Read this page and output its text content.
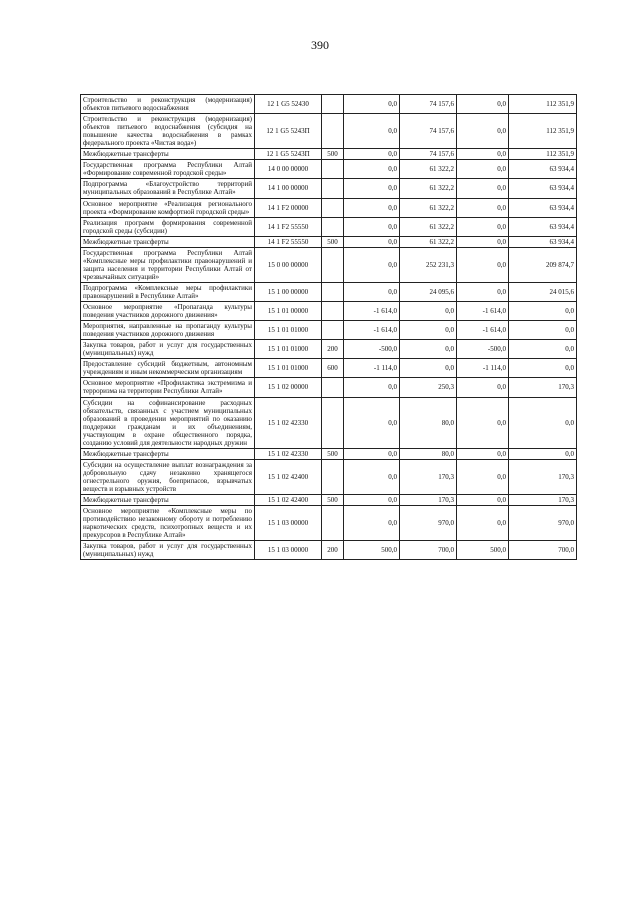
390
Строительство и реконструкция (модернизация) объектов питьевого водоснабжения	12 1 G5 52430		0,0	74 157,6	0,0	112 351,9
Строительство и реконструкция (модернизация) объектов питьевого водоснабжения (субсидия на повышение качества водоснабжения в рамках федерального проекта «Чистая вода»)	12 1 G5 5243П		0,0	74 157,6	0,0	112 351,9
Межбюджетные трансферты	12 1 G5 5243П	500	0,0	74 157,6	0,0	112 351,9
Государственная программа Республики Алтай «Формирование современной городской среды»	14 0 00 00000		0,0	61 322,2	0,0	63 934,4
Подпрограмма «Благоустройство территорий муниципальных образований в Республике Алтай»	14 1 00 00000		0,0	61 322,2	0,0	63 934,4
Основное мероприятие «Реализация регионального проекта «Формирование комфортной городской среды»	14 1 F2 00000		0,0	61 322,2	0,0	63 934,4
Реализация программ формирования современной городской среды (субсидии)	14 1 F2 55550		0,0	61 322,2	0,0	63 934,4
Межбюджетные трансферты	14 1 F2 55550	500	0,0	61 322,2	0,0	63 934,4
Государственная программа Республики Алтай «Комплексные меры профилактики правонарушений и защита населения и территории Республики Алтай от чрезвычайных ситуаций»	15 0 00 00000		0,0	252 231,3	0,0	209 874,7
Подпрограмма «Комплексные меры профилактики правонарушений в Республике Алтай»	15 1 00 00000		0,0	24 095,6	0,0	24 015,6
Основное мероприятие «Пропаганда культуры поведения участников дорожного движения»	15 1 01 00000		-1 614,0	0,0	-1 614,0	0,0
Мероприятия, направленные на пропаганду культуры поведения участников дорожного движения	15 1 01 01000		-1 614,0	0,0	-1 614,0	0,0
Закупка товаров, работ и услуг для государственных (муниципальных) нужд	15 1 01 01000	200	-500,0	0,0	-500,0	0,0
Предоставление субсидий бюджетным, автономным учреждениям и иным некоммерческим организациям	15 1 01 01000	600	-1 114,0	0,0	-1 114,0	0,0
Основное мероприятие «Профилактика экстремизма и терроризма на территории Республики Алтай»	15 1 02 00000		0,0	250,3	0,0	170,3
Субсидии на софинансирование расходных обязательств, связанных с участием муниципальных образований в проведении мероприятий по оказанию поддержки гражданам и их объединениям, участвующим в охране общественного порядка, созданию условий для деятельности народных дружин	15 1 02 42330		0,0	80,0	0,0	0,0
Межбюджетные трансферты	15 1 02 42330	500	0,0	80,0	0,0	0,0
Субсидии на осуществление выплат вознаграждения за добровольную сдачу незаконно хранящегося огнестрельного оружия, боеприпасов, взрывчатых веществ и взрывных устройств	15 1 02 42400		0,0	170,3	0,0	170,3
Межбюджетные трансферты	15 1 02 42400	500	0,0	170,3	0,0	170,3
Основное мероприятие «Комплексные меры по противодействию незаконному обороту и потреблению наркотических средств, психотропных веществ и их прекурсоров в Республике Алтай»	15 1 03 00000		0,0	970,0	0,0	970,0
Закупка товаров, работ и услуг для государственных (муниципальных) нужд	15 1 03 00000	200	500,0	700,0	500,0	700,0
